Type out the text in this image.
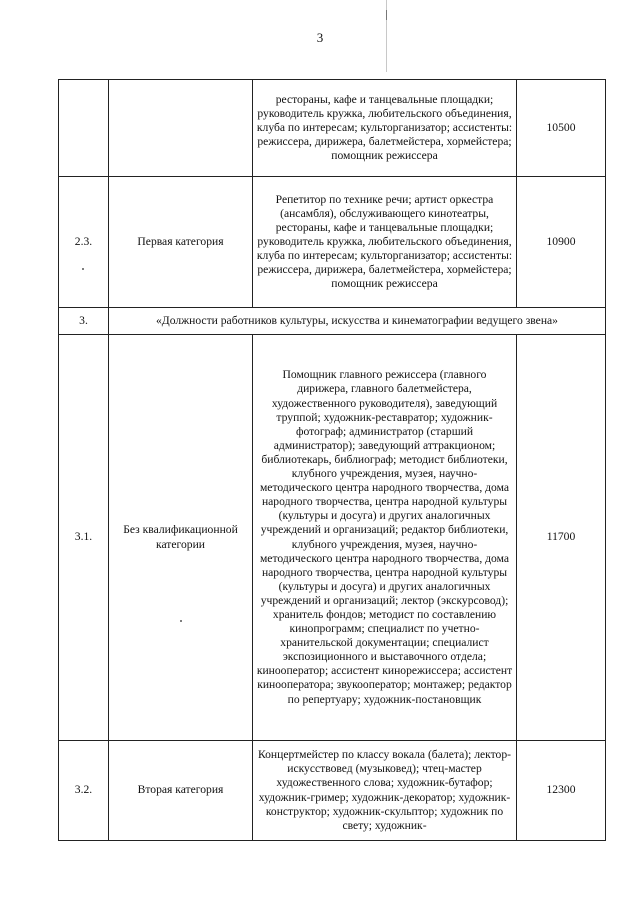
3
		рестораны, кафе и танцевальные площадки; руководитель кружка, любительского объединения, клуба по интересам; культорганизатор; ассистенты: режиссера, дирижера, балетмейстера, хормейстера; помощник режиссера	10500
2.3.	Первая категория	Репетитор по технике речи; артист оркестра (ансамбля), обслуживающего кинотеатры, рестораны, кафе и танцевальные площадки; руководитель кружка, любительского объединения, клуба по интересам; культорганизатор; ассистенты: режиссера, дирижера, балетмейстера, хормейстера; помощник режиссера	10900
3.	«Должности работников культуры, искусства и кинематографии ведущего звена»		
3.1.	Без квалификационной категории	Помощник главного режиссера (главного дирижера, главного балетмейстера, художественного руководителя), заведующий труппой; художник-реставратор; художник-фотограф; администратор (старший администратор); заведующий аттракционом; библиотекарь, библиограф; методист библиотеки, клубного учреждения, музея, научно-методического центра народного творчества, дома народного творчества, центра народной культуры (культуры и досуга) и других аналогичных учреждений и организаций; редактор библиотеки, клубного учреждения, музея, научно-методического центра народного творчества, дома народного творчества, центра народной культуры (культуры и досуга) и других аналогичных учреждений и организаций; лектор (экскурсовод); хранитель фондов; методист по составлению кинопрограмм; специалист по учетно-хранительской документации; специалист экспозиционного и выставочного отдела; кинооператор; ассистент кинорежиссера; ассистент кинооператора; звукооператор; монтажер; редактор по репертуару; художник-постановщик	11700
3.2.	Вторая категория	Концертмейстер по классу вокала (балета); лектор-искусствовед (музыковед); чтец-мастер художественного слова; художник-бутафор; художник-гример; художник-декоратор; художник-конструктор; художник-скульптор; художник по свету; художник-	12300
